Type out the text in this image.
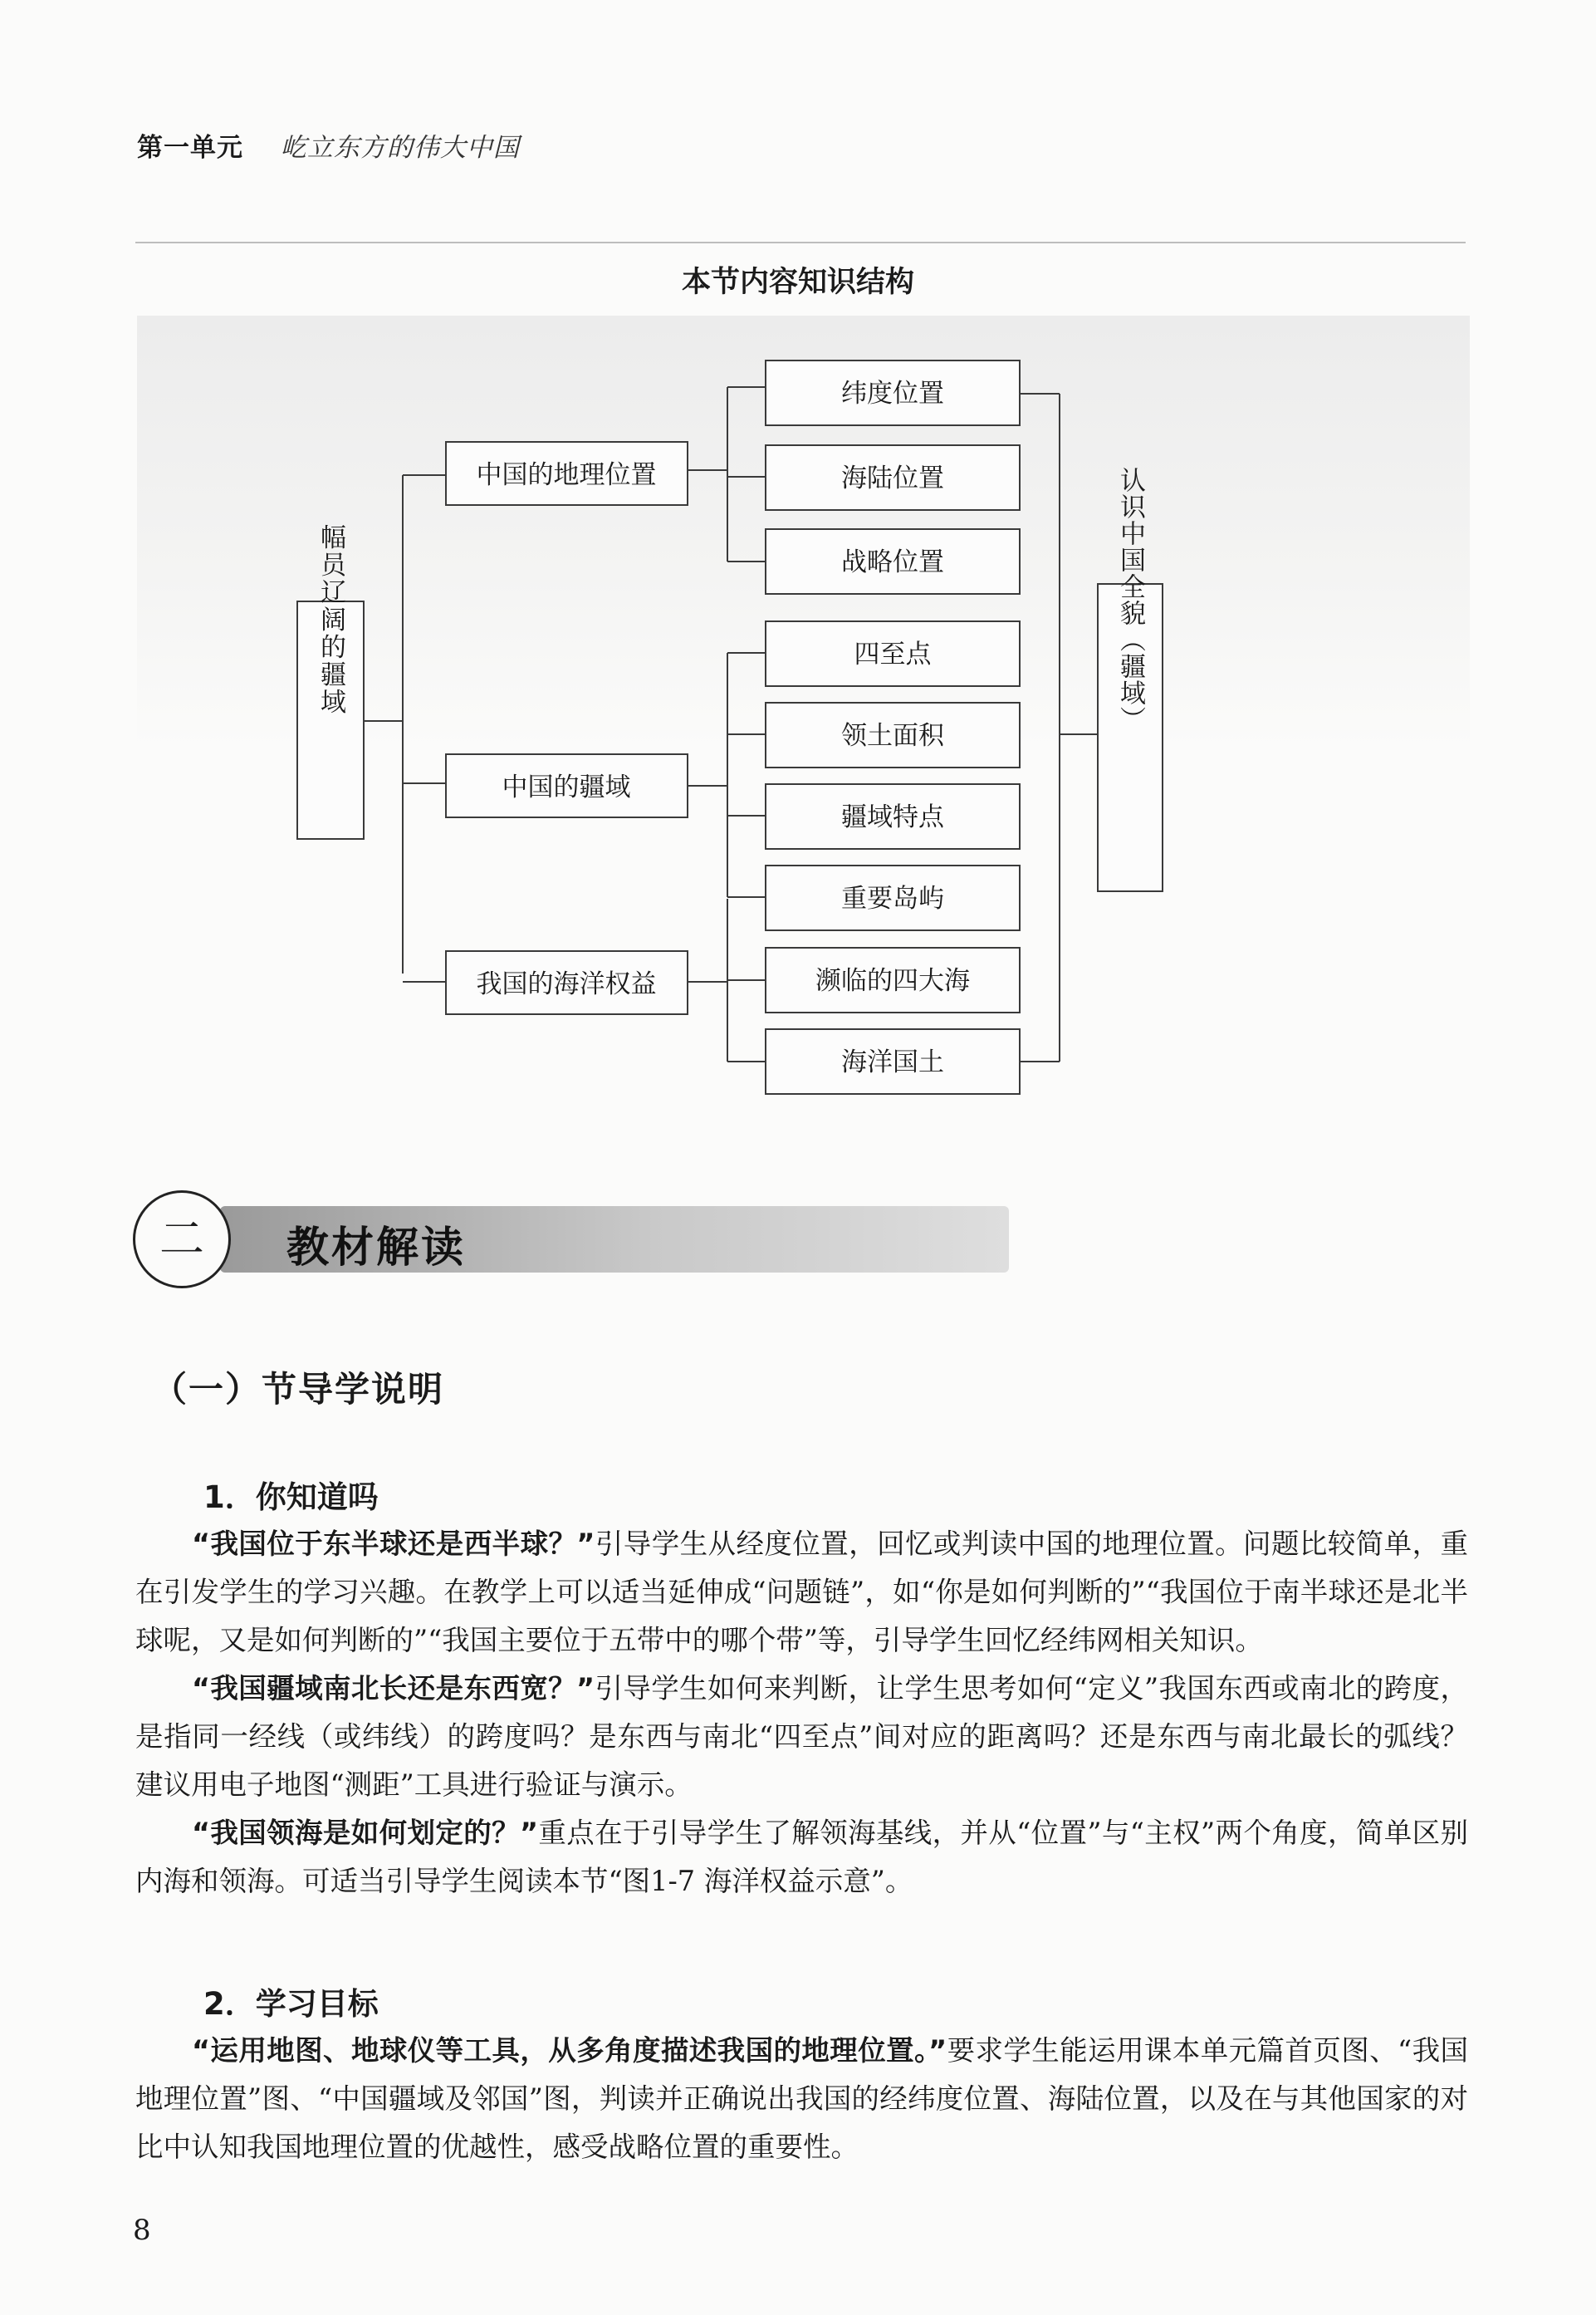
第一单元 屹立东方的伟大中国
本节内容知识结构
幅员辽阔的疆域
中国的地理位置
中国的疆域
我国的海洋权益
纬度位置
海陆位置
战略位置
四至点
领土面积
疆域特点
重要岛屿
濒临的四大海
海洋国土
认识中国全貌（疆域）
二	教材解读
（一）节导学说明
1．你知道吗

“我国位于东半球还是西半球？”引导学生从经度位置，回忆或判读中国的地理位置。问题比较简单，重在引发学生的学习兴趣。在教学上可以适当延伸成“问题链”，如“你是如何判断的”“我国位于南半球还是北半球呢，又是如何判断的”“我国主要位于五带中的哪个带”等，引导学生回忆经纬网相关知识。

“我国疆域南北长还是东西宽？”引导学生如何来判断，让学生思考如何“定义”我国东西或南北的跨度，是指同一经线（或纬线）的跨度吗？是东西与南北“四至点”间对应的距离吗？还是东西与南北最长的弧线？建议用电子地图“测距”工具进行验证与演示。

“我国领海是如何划定的？”重点在于引导学生了解领海基线，并从“位置”与“主权”两个角度，简单区别内海和领海。可适当引导学生阅读本节“图1-7 海洋权益示意”。

2．学习目标

“运用地图、地球仪等工具，从多角度描述我国的地理位置。”要求学生能运用课本单元篇首页图、“我国地理位置”图、“中国疆域及邻国”图，判读并正确说出我国的经纬度位置、海陆位置，以及在与其他国家的对比中认知我国地理位置的优越性，感受战略位置的重要性。

8
